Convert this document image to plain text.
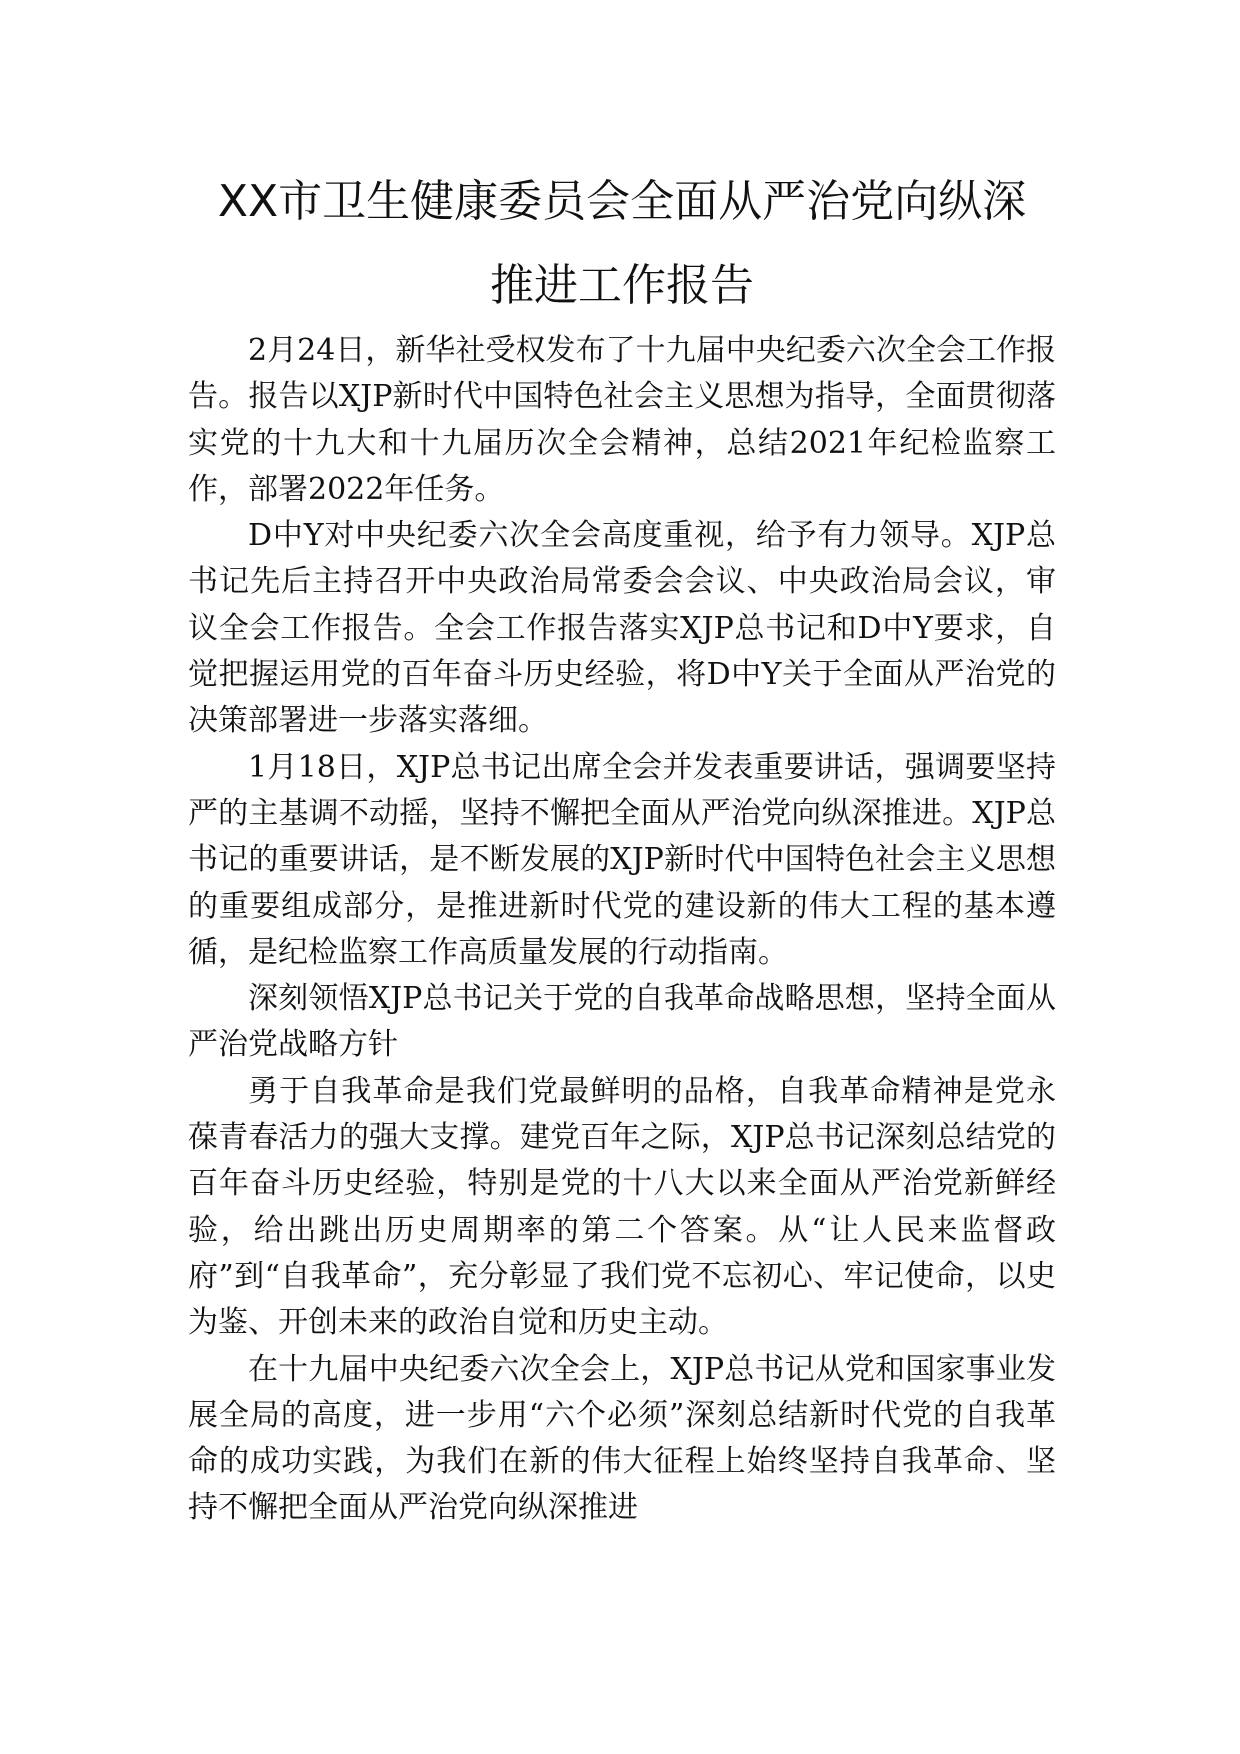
XX市卫生健康委员会全面从严治党向纵深
推进工作报告

2月24日，新华社受权发布了十九届中央纪委六次全会工作报告。报告以XJP新时代中国特色社会主义思想为指导，全面贯彻落实党的十九大和十九届历次全会精神，总结2021年纪检监察工作，部署2022年任务。

D中Y对中央纪委六次全会高度重视，给予有力领导。XJP总书记先后主持召开中央政治局常委会会议、中央政治局会议，审议全会工作报告。全会工作报告落实XJP总书记和D中Y要求，自觉把握运用党的百年奋斗历史经验，将D中Y关于全面从严治党的决策部署进一步落实落细。

1月18日，XJP总书记出席全会并发表重要讲话，强调要坚持严的主基调不动摇，坚持不懈把全面从严治党向纵深推进。XJP总书记的重要讲话，是不断发展的XJP新时代中国特色社会主义思想的重要组成部分，是推进新时代党的建设新的伟大工程的基本遵循，是纪检监察工作高质量发展的行动指南。

深刻领悟XJP总书记关于党的自我革命战略思想，坚持全面从严治党战略方针

勇于自我革命是我们党最鲜明的品格，自我革命精神是党永葆青春活力的强大支撑。建党百年之际，XJP总书记深刻总结党的百年奋斗历史经验，特别是党的十八大以来全面从严治党新鲜经验，给出跳出历史周期率的第二个答案。从“让人民来监督政府”到“自我革命”，充分彰显了我们党不忘初心、牢记使命，以史为鉴、开创未来的政治自觉和历史主动。

在十九届中央纪委六次全会上，XJP总书记从党和国家事业发展全局的高度，进一步用“六个必须”深刻总结新时代党的自我革命的成功实践，为我们在新的伟大征程上始终坚持自我革命、坚持不懈把全面从严治党向纵深推进
